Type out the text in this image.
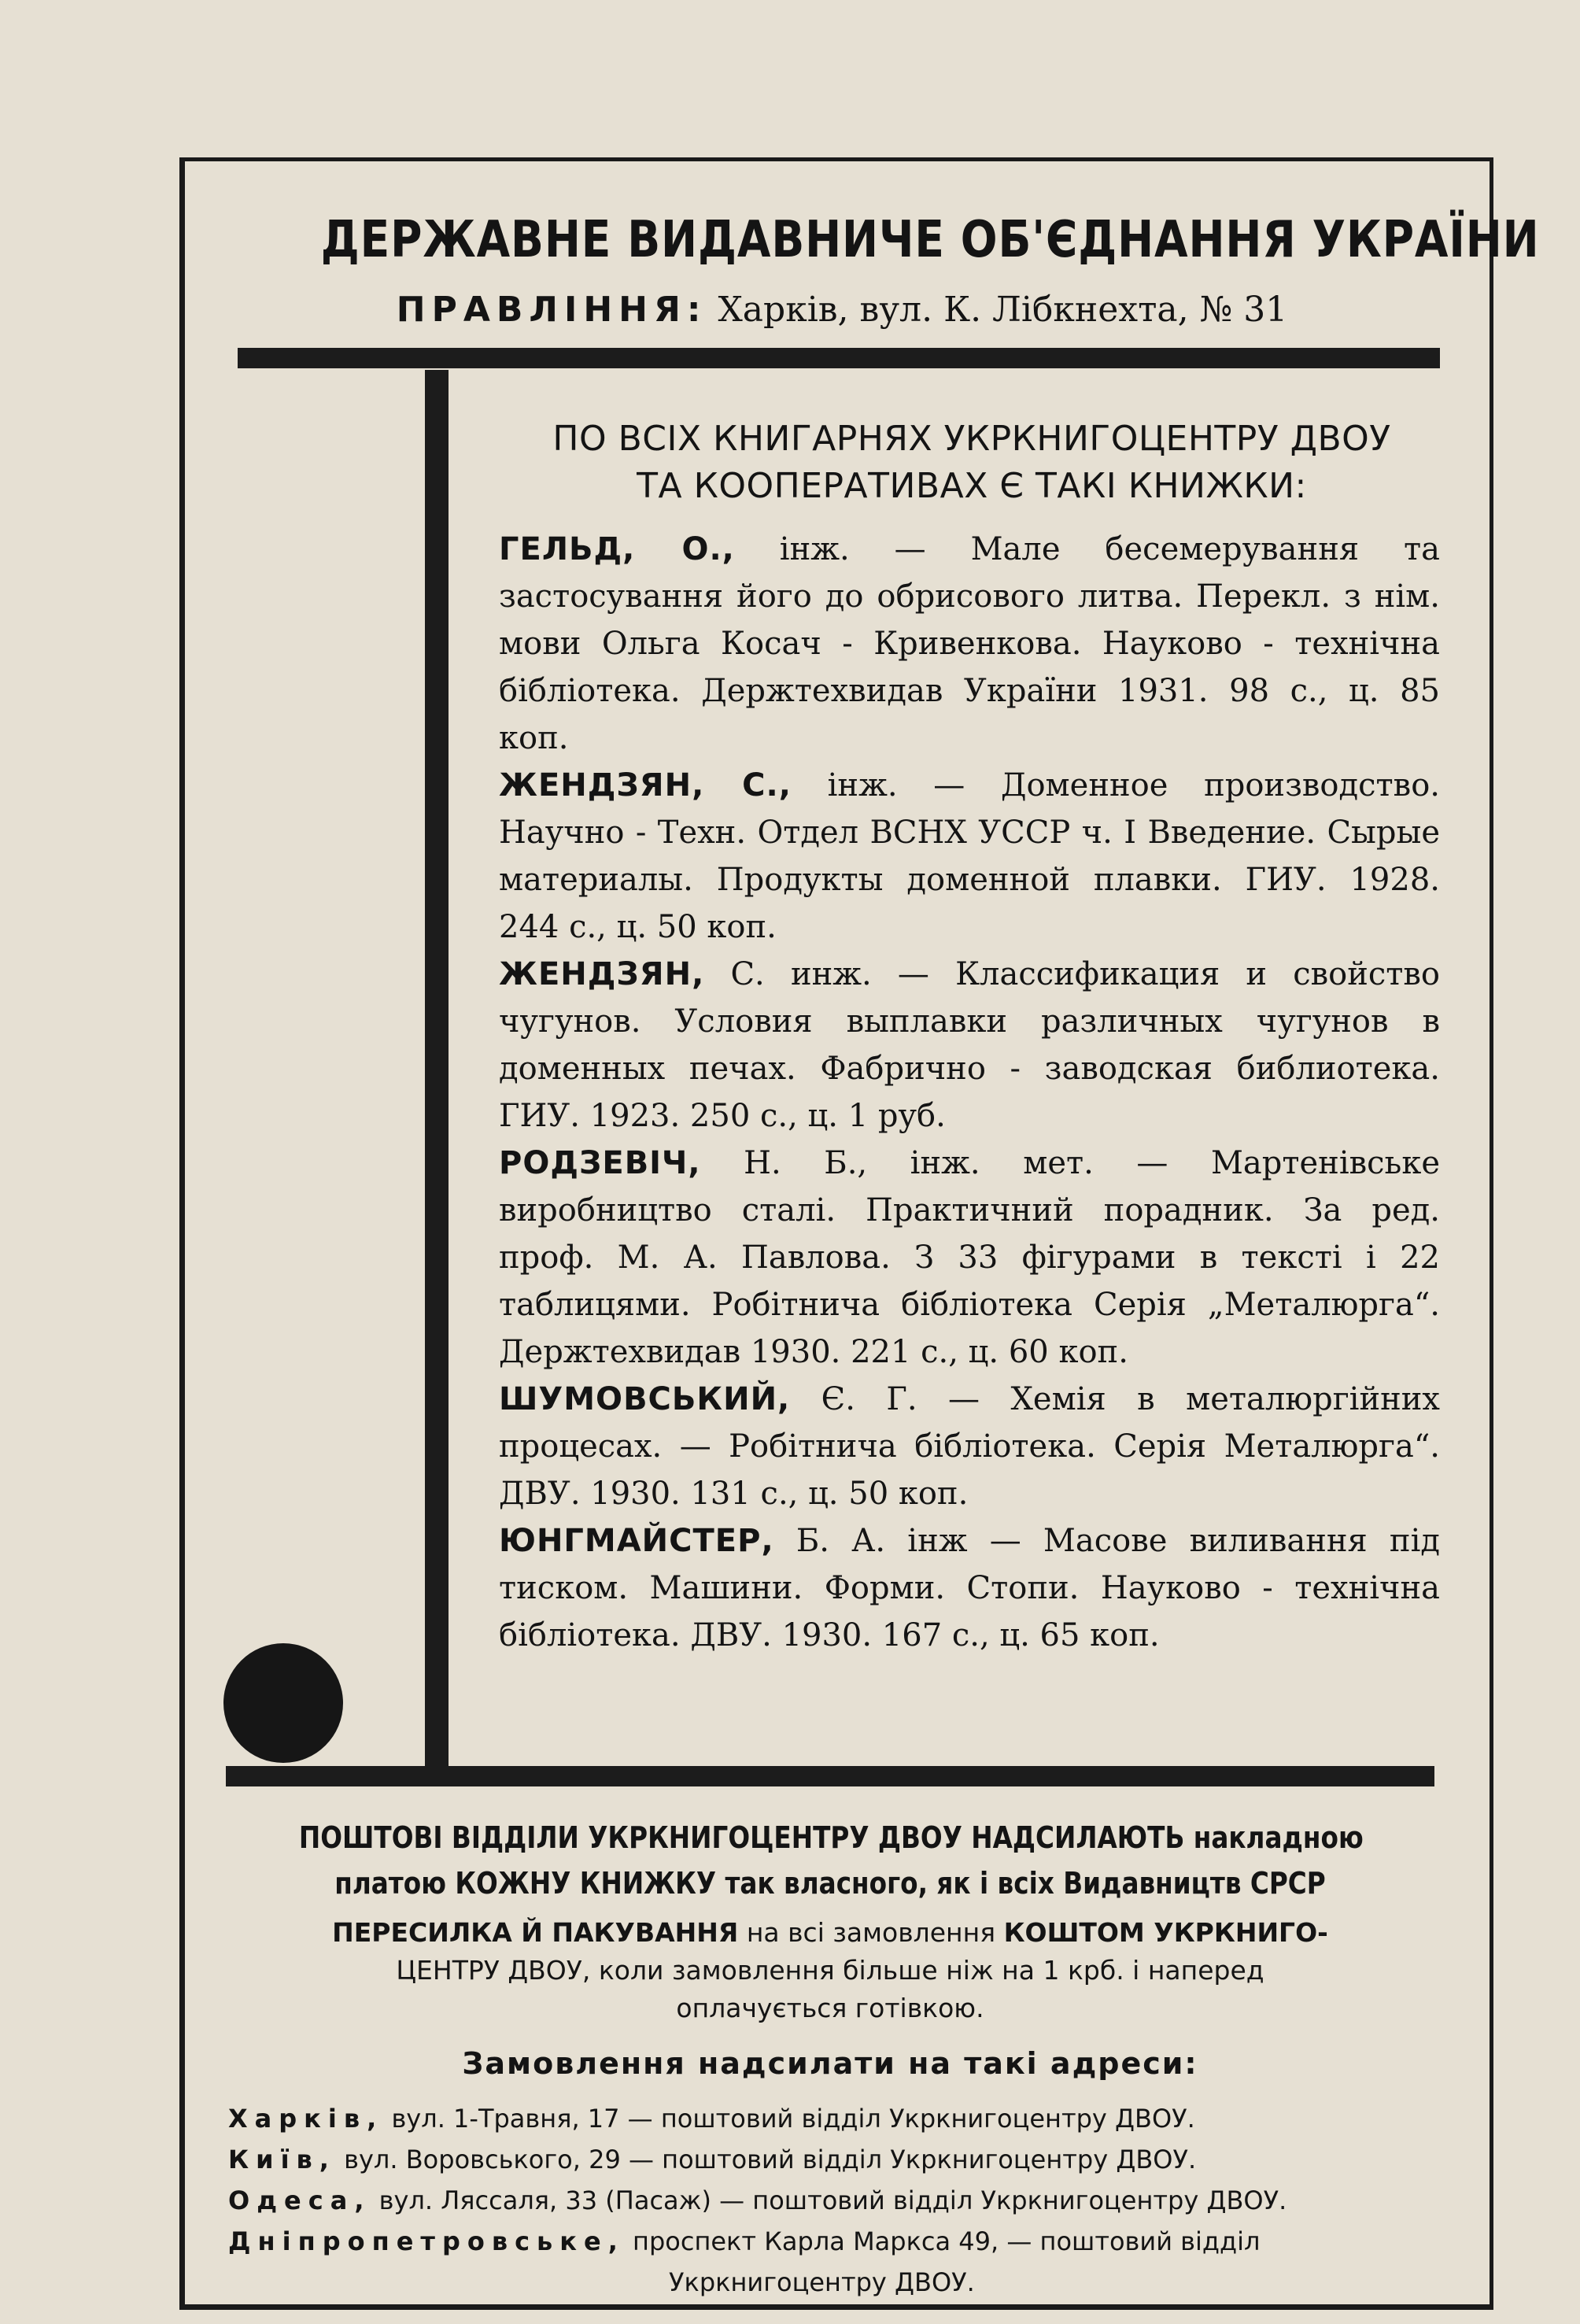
ДЕРЖАВНЕ ВИДАВНИЧЕ ОБ'ЄДНАННЯ УКРАЇНИ
ПРАВЛІННЯ: Харків, вул. К. Лібкнехта, № 31
ПО ВСІХ КНИГАРНЯХ УКРКНИГОЦЕНТРУ ДВОУ
ТА КООПЕРАТИВАХ Є ТАКІ КНИЖКИ:
ГЕЛЬД, О., інж. — Мале бесемерування та застосування його до обрисового литва. Перекл. з нім. мови Ольга Косач - Кривенкова. Науково - технічна бібліотека. Держтехвидав України 1931. 98 с., ц. 85 коп.
ЖЕНДЗЯН, С., інж. — Доменное производство. Научно - Техн. Отдел ВСНХ УССР ч. І Введение. Сырые материалы. Продукты доменной плавки. ГИУ. 1928. 244 с., ц. 50 коп.
ЖЕНДЗЯН, С. инж. — Классификация и свойство чугунов. Условия выплавки различных чугунов в доменных печах. Фабрично - заводская библиотека. ГИУ. 1923. 250 с., ц. 1 руб.
РОДЗЕВІЧ, Н. Б., інж. мет. — Мартенівське виробництво сталі. Практичний порадник. За ред. проф. М. А. Павлова. З 33 фігурами в тексті і 22 таблицями. Робітнича бібліотека Серія „Металюрга“. Держтехвидав 1930. 221 с., ц. 60 коп.
ШУМОВСЬКИЙ, Є. Г. — Хемія в металюргійних процесах. — Робітнича бібліотека. Серія Металюрга“. ДВУ. 1930. 131 с., ц. 50 коп.
ЮНГМАЙСТЕР, Б. А. інж — Масове виливання під тиском. Машини. Форми. Стопи. Науково - технічна бібліотека. ДВУ. 1930. 167 с., ц. 65 коп.
ПОШТОВІ ВІДДІЛИ УКРКНИГОЦЕНТРУ ДВОУ НАДСИЛАЮТЬ накладною
платою КОЖНУ КНИЖКУ так власного, як і всіх Видавництв СРСР
ПЕРЕСИЛКА Й ПАКУВАННЯ на всі замовлення КОШТОМ УКРКНИГО-
ЦЕНТРУ ДВОУ, коли замовлення більше ніж на 1 крб. і наперед
оплачується готівкою.
Замовлення надсилати на такі адреси:
Харків, вул. 1-Травня, 17 — поштовий відділ Укркнигоцентру ДВОУ.
Київ, вул. Воровського, 29 — поштовий відділ Укркнигоцентру ДВОУ.
Одеса, вул. Ляссаля, 33 (Пасаж) — поштовий відділ Укркнигоцентру ДВОУ.
Дніпропетровське, проспект Карла Маркса 49, — поштовий відділ
Укркнигоцентру ДВОУ.
